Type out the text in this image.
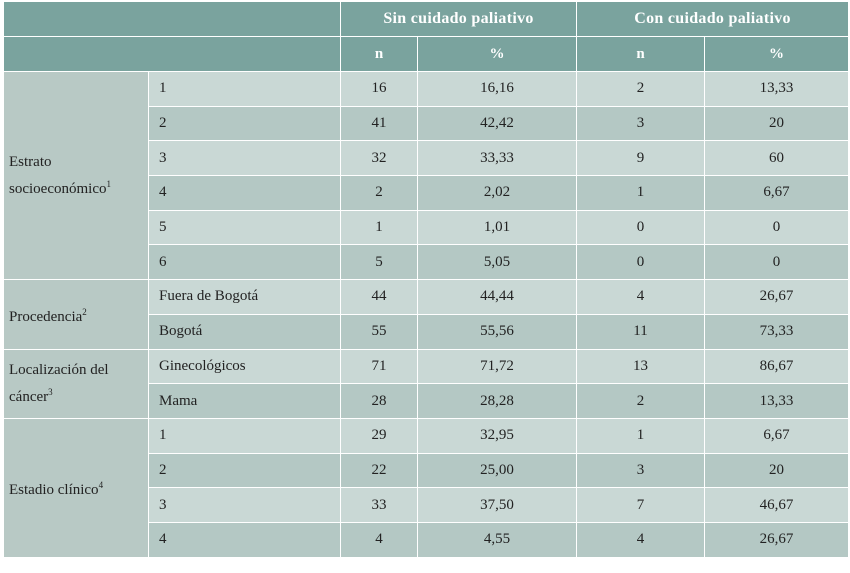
		Sin cuidado paliativo		Con cuidado paliativo	
		n	%	n	%
Estrato socioeconómico$^1$	1	16	16,16	2	13,33
	2	41	42,42	3	20
	3	32	33,33	9	60
	4	2	2,02	1	6,67
	5	1	1,01	0	0
	6	5	5,05	0	0
Procedencia$^2$	Fuera de Bogotá	44	44,44	4	26,67
	Bogotá	55	55,56	11	73,33
Localización del cáncer$^3$	Ginecológicos	71	71,72	13	86,67
	Mama	28	28,28	2	13,33
Estadio clínico$^4$	1	29	32,95	1	6,67
	2	22	25,00	3	20
	3	33	37,50	7	46,67
	4	4	4,55	4	26,67
